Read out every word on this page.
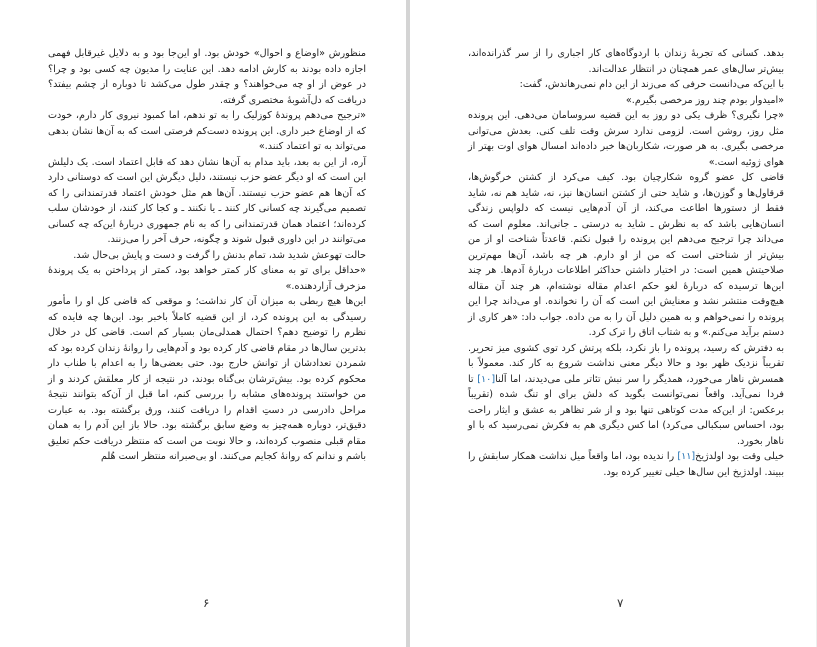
منظورش «اوضاع و احوال» خودش بود. او این‌جا بود و به دلایل غیرقابل فهمی اجازه داده بودند به کارش ادامه دهد. این عنایت را مدیون چه کسی بود و چرا؟ در عوض از او چه می‌خواهند؟ و چقدر طول می‌کشد تا دوباره از چشم بیفتد؟ دریافت که دل‌آشوبهٔ مختصری گرفته.

«ترجیح می‌دهم پروندهٔ کوزلیک را به تو ندهم، اما کمبود نیروی کار دارم، خودت که از اوضاع خبر داری. این پرونده دست‌کم فرصتی است که به آن‌ها نشان بدهی می‌تواند به تو اعتماد کنند.»

آره، از این به بعد، باید مدام به آن‌ها نشان دهد که قابل اعتماد است. یک دلیلش این است که او دیگر عضو حزب نیستند، دلیل دیگرش این است که دوستانی دارد که آن‌ها هم عضو حزب نیستند. آن‌ها هم مثل خودش اعتماد قدرتمندانی را که تصمیم می‌گیرند چه کسانی کار کنند ـ یا نکنند ـ و کجا کار کنند، از خودشان سلب کرده‌اند؛ اعتماد همان قدرتمندانی را که به نام جمهوری دربارهٔ این‌که چه کسانی می‌توانند در این داوری قبول شوند و چگونه، حرف آخر را می‌زنند.

حالت تهوعش شدید شد، تمام بدنش را گرفت و دست و پایش بی‌حال شد.

«حداقل برای تو به معنای کار کمتر خواهد بود، کمتر از پرداختن به یک پروندهٔ مزخرف آزاردهنده.»

این‌ها هیچ ربطی به میزان آن کار نداشت؛ و موقعی که قاضی کل او را مأمور رسیدگی به این پرونده کرد، از این قضیه کاملاً باخبر بود. این‌ها چه فایده که نظرم را توضیح دهم؟ احتمال همدلی‌مان بسیار کم است. قاضی کل در خلال بدترین سال‌ها در مقام قاضی کار کرده بود و آدم‌هایی را روانهٔ زندان کرده بود که شمردن تعدادشان از توانش خارج بود. حتی بعضی‌ها را به اعدام با طناب دار محکوم کرده بود. بیش‌ترشان بی‌گناه بودند، در نتیجه از کار معلقش کردند و از من خواستند پرونده‌های مشابه را بررسی کنم، اما قبل از آن‌که بتوانند نتیجهٔ مراحل دادرسی در دستِ اقدام را دریافت کنند، ورق برگشته بود. به عبارت دقیق‌تر، دوباره همه‌چیز به وضع سابق برگشته بود. حالا باز این آدم را به همان مقام قبلی منصوب کرده‌اند، و حالا نوبت من است که منتظر دریافت حکم تعلیق باشم و ندانم که روانهٔ کجایم می‌کنند. او بی‌صبرانه منتظر است هُلم

۶

بدهد. کسانی که تجربهٔ زندان با اردوگاه‌های کار اجباری را از سر گذرانده‌اند، بیش‌تر سال‌های عمر همچنان در انتظار عدالت‌اند.

با این‌که می‌دانست حرفی که می‌زند از این دام نمی‌رهاندش، گفت:

«امیدوار بودم چند روز مرخصی بگیرم.»

«چرا نگیری؟ ظرف یکی دو روز به این قضیه سروسامان می‌دهی. این پرونده مثل روز، روشن است. لزومی ندارد سرش وقت تلف کنی. بعدش می‌توانی مرخصی بگیری. به هر صورت، شکاربان‌ها خبر داده‌اند امسال هوای اوت بهتر از هوای ژوئیه است.»

قاضی کل عضو گروه شکارچیان بود. کیف می‌کرد از کشتن خرگوش‌ها، قرقاول‌ها و گوزن‌ها، و شاید حتی از کشتن انسان‌ها نیز، نه، شاید هم نه، شاید فقط از دستورها اطاعت می‌کند، از آن آدم‌هایی نیست که دلواپس زندگی انسان‌هایی باشد که به نظرش ـ شاید به درستی ـ جانی‌اند. معلوم است که می‌داند چرا ترجیح می‌دهم این پرونده را قبول نکنم. قاعدتاً شناخت او از من بیش‌تر از شناختی است که من از او دارم. هر چه باشد، آن‌ها مهم‌ترین صلاحیتش همین است: در اختیار داشتن حداکثر اطلاعات دربارهٔ آدم‌ها. هر چند این‌ها ترسیده که دربارهٔ لغو حکم اعدام مقاله نوشته‌ام، هر چند آن مقاله هیچ‌وقت منتشر نشد و معنایش این است که آن را نخوانده. او می‌داند چرا این پرونده را نمی‌خواهم و به همین دلیل آن را به من داده. جواب داد: «هر کاری از دستم برآید می‌کنم.» و به شتاب اتاق را ترک کرد.

به دفترش که رسید، پرونده را باز نکرد، بلکه پرتش کرد توی کشوی میز تحریر. تقریباً نزدیک ظهر بود و حالا دیگر معنی نداشت شروع به کار کند. معمولاً با همسرش ناهار می‌خورد، همدیگر را سر نبش تئاتر ملی می‌دیدند، اما آلنا[۱۰] تا فردا نمی‌آید. واقعاً نمی‌توانست بگوید که دلش برای او تنگ شده (تقریباً برعکس: از این‌که مدت کوتاهی تنها بود و از شر تظاهر به عشق و ایثار راحت بود، احساس سبکبالی می‌کرد) اما کس دیگری هم به فکرش نمی‌رسید که با او ناهار بخورد.

خیلی وقت بود اولدژیخ[۱۱] را ندیده بود، اما واقعاً میل نداشت همکار سابقش را ببیند. اولدژیخ این سال‌ها خیلی تغییر کرده بود.

۷
